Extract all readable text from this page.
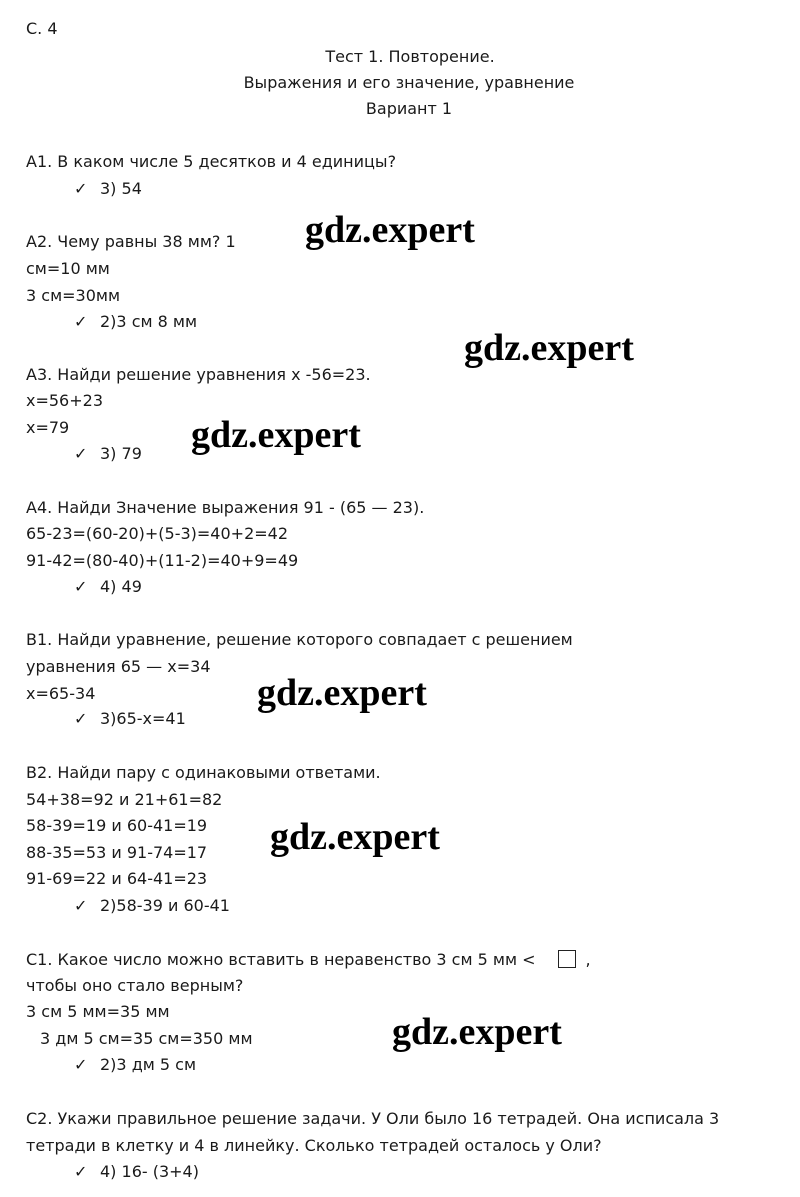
С. 4
Тест 1. Повторение.
Выражения и его значение, уравнение
Вариант 1
А1. В каком числе 5 десятков и 4 единицы?
✓ 3) 54
А2. Чему равны 38 мм? 1
см=10 мм
3 см=30мм
✓ 2)3 см 8 мм
А3. Найди решение уравнения х -56=23.
х=56+23
х=79
✓ 3) 79
А4. Найди Значение выражения 91 - (65 — 23).
65-23=(60-20)+(5-3)=40+2=42
91-42=(80-40)+(11-2)=40+9=49
✓ 4) 49
В1. Найди уравнение, решение которого совпадает с решением
уравнения 65 — х=34
х=65-34
✓ 3)65-х=41
В2. Найди пару с одинаковыми ответами.
54+38=92 и 21+61=82
58-39=19 и 60-41=19
88-35=53 и 91-74=17
91-69=22 и 64-41=23
✓ 2)58-39 и 60-41
С1. Какое число можно вставить в неравенство 3 см 5 мм <	,
чтобы оно стало верным?
3 см 5 мм=35 мм
3 дм 5 см=35 см=350 мм
✓ 2)3 дм 5 см
С2. Укажи правильное решение задачи. У Оли было 16 тетрадей. Она исписала 3
тетради в клетку и 4 в линейку. Сколько тетрадей осталось у Оли?
✓ 4) 16- (3+4)
gdz.expert
gdz.expert
gdz.expert
gdz.expert
gdz.expert
gdz.expert
